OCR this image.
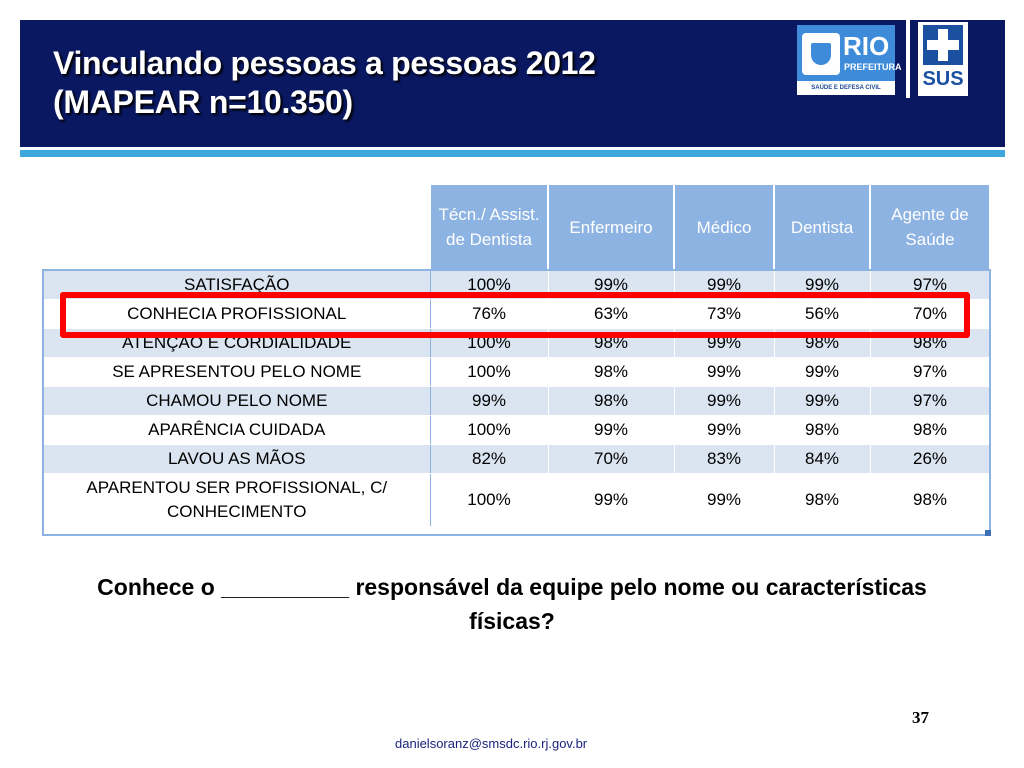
Vinculando pessoas a pessoas 2012
(MAPEAR n=10.350)
RIO
PREFEITURA
SAÚDE E DEFESA CIVIL	SUS
	Técn./ Assist. de Dentista	Enfermeiro	Médico	Dentista	Agente de Saúde
SATISFAÇÃO	100%	99%	99%	99%	97%
CONHECIA PROFISSIONAL	76%	63%	73%	56%	70%
ATENÇÃO E CORDIALIDADE	100%	98%	99%	98%	98%
SE APRESENTOU PELO NOME	100%	98%	99%	99%	97%
CHAMOU PELO NOME	99%	98%	99%	99%	97%
APARÊNCIA CUIDADA	100%	99%	99%	98%	98%
LAVOU AS MÃOS	82%	70%	83%	84%	26%
APARENTOU SER PROFISSIONAL, C/ CONHECIMENTO	100%	99%	99%	98%	98%
Conhece o __________ responsável da equipe pelo nome ou características físicas?
37
danielsoranz@smsdc.rio.rj.gov.br
